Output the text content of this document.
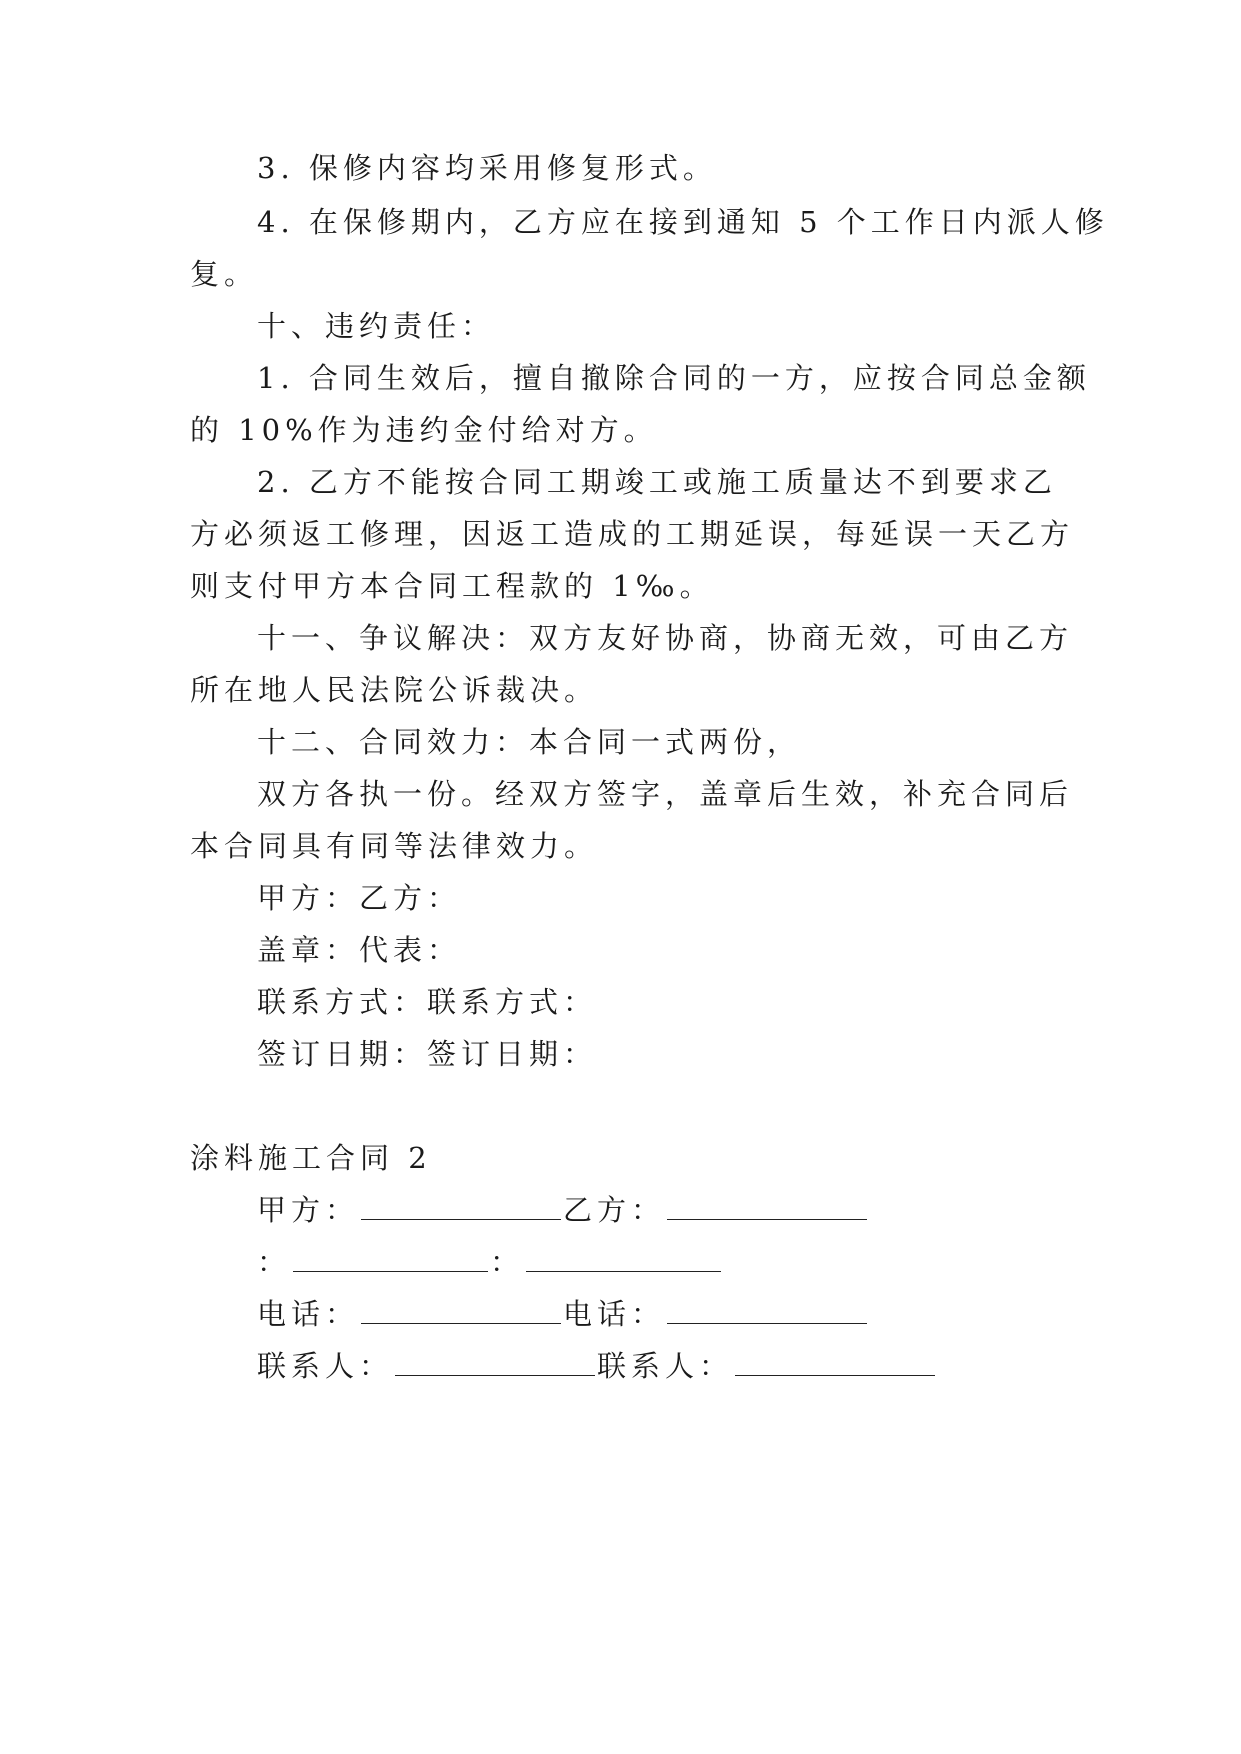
3. 保修内容均采用修复形式。
4. 在保修期内，乙方应在接到通知 5 个工作日内派人修
复。
十、违约责任：
1. 合同生效后，擅自撤除合同的一方，应按合同总金额
的 10%作为违约金付给对方。
2. 乙方不能按合同工期竣工或施工质量达不到要求乙
方必须返工修理，因返工造成的工期延误，每延误一天乙方
则支付甲方本合同工程款的 1‰。
十一、争议解决：双方友好协商，协商无效，可由乙方
所在地人民法院公诉裁决。
十二、合同效力：本合同一式两份，
双方各执一份。经双方签字，盖章后生效，补充合同后
本合同具有同等法律效力。
甲方：乙方：
盖章：代表：
联系方式：联系方式：
签订日期：签订日期：
涂料施工合同 2
甲方：	乙方：
：	：
电话：	电话：
联系人：	联系人：
